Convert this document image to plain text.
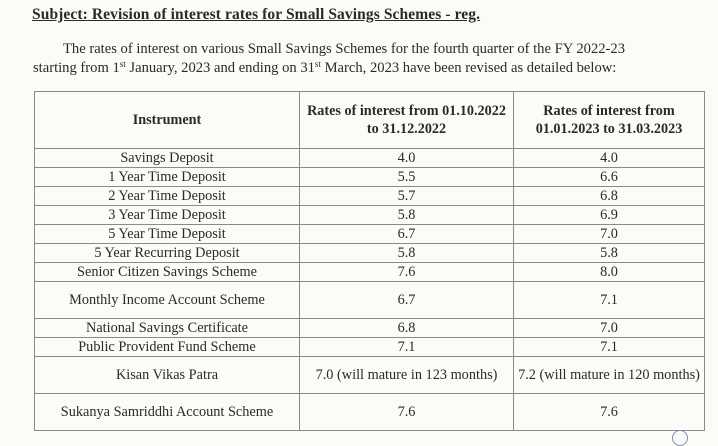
Subject: Revision of interest rates for Small Savings Schemes - reg.
The rates of interest on various Small Savings Schemes for the fourth quarter of the FY 2022-23
starting from 1st January, 2023 and ending on 31st March, 2023 have been revised as detailed below:
Instrument	Rates of interest from 01.10.2022 to 31.12.2022	Rates of interest from 01.01.2023 to 31.03.2023
Savings Deposit	4.0	4.0
1 Year Time Deposit	5.5	6.6
2 Year Time Deposit	5.7	6.8
3 Year Time Deposit	5.8	6.9
5 Year Time Deposit	6.7	7.0
5 Year Recurring Deposit	5.8	5.8
Senior Citizen Savings Scheme	7.6	8.0
Monthly Income Account Scheme	6.7	7.1
National Savings Certificate	6.8	7.0
Public Provident Fund Scheme	7.1	7.1
Kisan Vikas Patra	7.0 (will mature in 123 months)	7.2 (will mature in 120 months)
Sukanya Samriddhi Account Scheme	7.6	7.6
